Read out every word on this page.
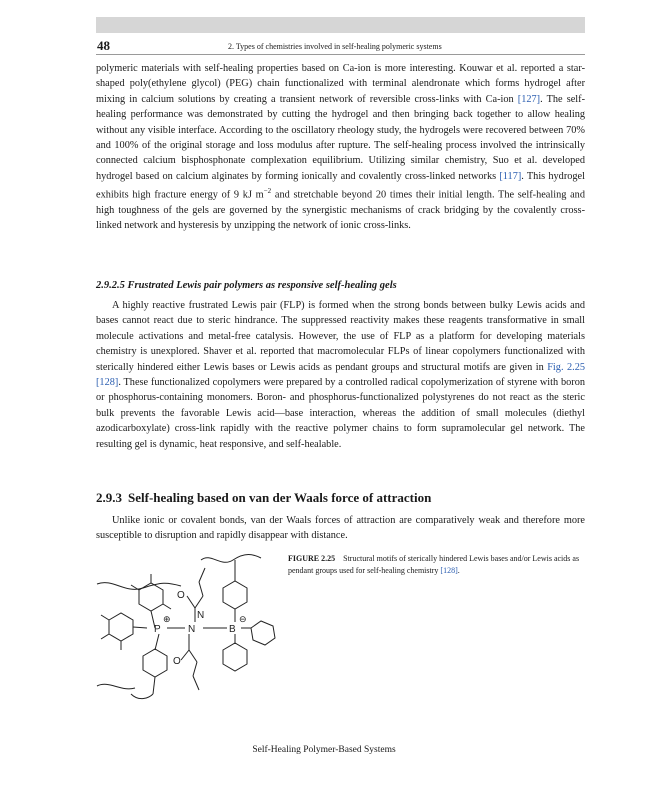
48	2. Types of chemistries involved in self-healing polymeric systems

polymeric materials with self-healing properties based on Ca-ion is more interesting. Kouwar et al. reported a star-shaped poly(ethylene glycol) (PEG) chain functionalized with terminal alendronate which forms hydrogel after mixing in calcium solutions by creating a transient network of reversible cross-links with Ca-ion [127]. The self-healing performance was demonstrated by cutting the hydrogel and then bringing back together to allow healing without any visible interface. According to the oscillatory rheology study, the hydrogels were recovered between 70% and 100% of the original storage and loss modulus after rupture. The self-healing process involved the intrinsically connected calcium bisphosphonate complexation equilibrium. Utilizing similar chemistry, Suo et al. developed hydrogel based on calcium alginates by forming ionically and covalently cross-linked networks [117]. This hydrogel exhibits high fracture energy of 9 kJ $m^{-2}$ and stretchable beyond 20 times their initial length. The self-healing and high toughness of the gels are governed by the synergistic mechanisms of crack bridging by the covalently cross-linked network and hysteresis by unzipping the network of ionic cross-links.

2.9.2.5 Frustrated Lewis pair polymers as responsive self-healing gels

A highly reactive frustrated Lewis pair (FLP) is formed when the strong bonds between bulky Lewis acids and bases cannot react due to steric hindrance. The suppressed reactivity makes these reagents transformative in small molecule activations and metal-free catalysis. However, the use of FLP as a platform for developing materials chemistry is unexplored. Shaver et al. reported that macromolecular FLPs of linear copolymers functionalized with sterically hindered either Lewis bases or Lewis acids as pendant groups and structural motifs are given in Fig. 2.25 [128]. These functionalized copolymers were prepared by a controlled radical copolymerization of styrene with boron or phosphorus-containing monomers. Boron- and phosphorus-functionalized polystyrenes do not react as the steric bulk prevents the favorable Lewis acid—base interaction, whereas the addition of small molecules (diethyl azodicarboxylate) cross-link rapidly with the reactive polymer chains to form supramolecular gel network. The resulting gel is dynamic, heat responsive, and self-healable.

2.9.3 Self-healing based on van der Waals force of attraction

Unlike ionic or covalent bonds, van der Waals forces of attraction are comparatively weak and therefore more susceptible to disruption and rapidly disappear with distance.

FIGURE 2.25 Structural motifs of sterically hindered Lewis bases and/or Lewis acids as pendant groups used for self-healing chemistry [128].

P
⊕
N
N
O
O
B
⊖
Self-Healing Polymer-Based Systems
